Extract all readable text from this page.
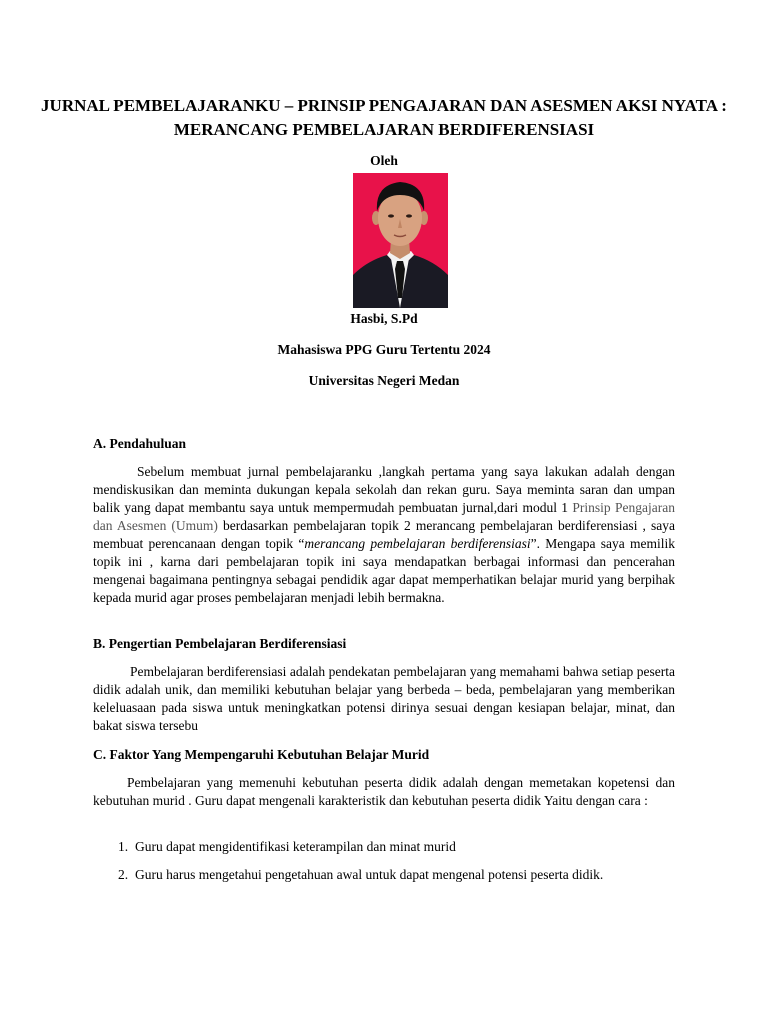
JURNAL PEMBELAJARANKU – PRINSIP PENGAJARAN DAN ASESMEN AKSI NYATA : MERANCANG PEMBELAJARAN BERDIFERENSIASI

Oleh

Hasbi, S.Pd

Mahasiswa PPG Guru Tertentu 2024

Universitas Negeri Medan

A. Pendahuluan

Sebelum membuat jurnal pembelajaranku ,langkah pertama yang saya lakukan adalah dengan mendiskusikan dan meminta dukungan kepala sekolah dan rekan guru. Saya meminta saran dan umpan balik yang dapat membantu saya untuk mempermudah pembuatan jurnal,dari modul 1 Prinsip Pengajaran dan Asesmen (Umum) berdasarkan pembelajaran topik 2 merancang pembelajaran berdiferensiasi , saya membuat perencanaan dengan topik “merancang pembelajaran berdiferensiasi”. Mengapa saya memilik topik ini , karna dari pembelajaran topik ini saya mendapatkan berbagai informasi dan pencerahan mengenai bagaimana pentingnya sebagai pendidik agar dapat memperhatikan belajar murid yang berpihak kepada murid agar proses pembelajaran menjadi lebih bermakna.

B. Pengertian Pembelajaran Berdiferensiasi

Pembelajaran berdiferensiasi adalah pendekatan pembelajaran yang memahami bahwa setiap peserta didik adalah unik, dan memiliki kebutuhan belajar yang berbeda – beda, pembelajaran yang memberikan keleluasaan pada siswa untuk meningkatkan potensi dirinya sesuai dengan kesiapan belajar, minat, dan bakat siswa tersebu

C. Faktor Yang Mempengaruhi Kebutuhan Belajar Murid

Pembelajaran yang memenuhi kebutuhan peserta didik adalah dengan memetakan kopetensi dan kebutuhan murid . Guru dapat mengenali karakteristik dan kebutuhan peserta didik Yaitu dengan cara :

1. Guru dapat mengidentifikasi keterampilan dan minat murid
2. Guru harus mengetahui pengetahuan awal untuk dapat mengenal potensi peserta didik.
